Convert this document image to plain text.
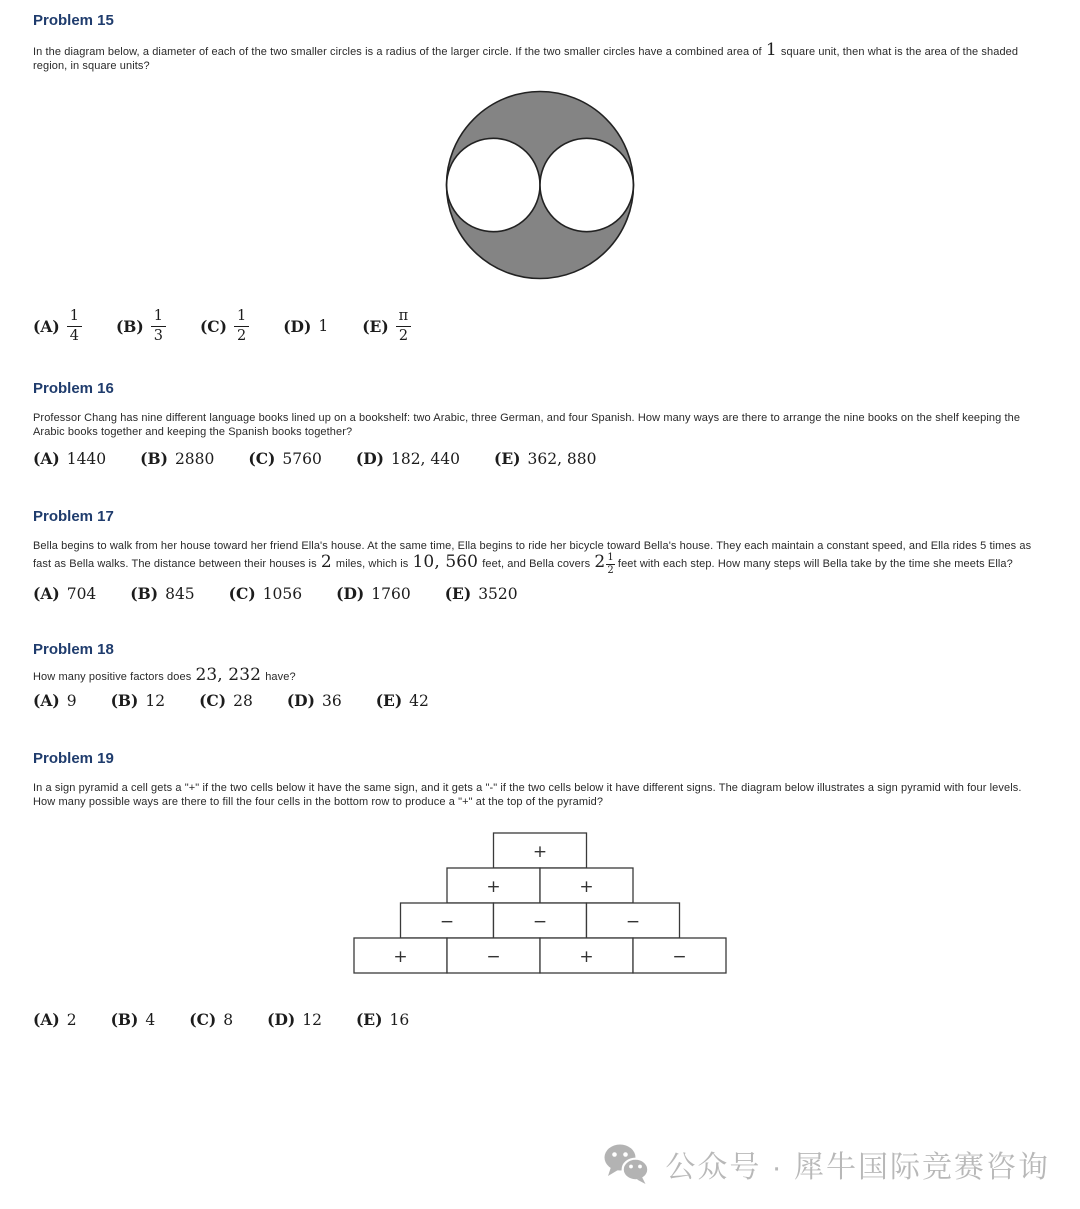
Problem 15

In the diagram below, a diameter of each of the two smaller circles is a radius of the larger circle. If the two smaller circles have a combined area of 1 square unit, then what is the area of the shaded region, in square units?

$(A) \frac{1}{4} (B) \frac{1}{3} (C) \frac{1}{2} (D)$ 1 $(E) \frac{\pi}{2}$
Problem 16

Professor Chang has nine different language books lined up on a bookshelf: two Arabic, three German, and four Spanish. How many ways are there to arrange the nine books on the shelf keeping the Arabic books together and keeping the Spanish books together?

(A) 1440 (B) 2880 (C) 5760 (D) 182, 440 (E) 362, 880
Problem 17

Bella begins to walk from her house toward her friend Ella's house. At the same time, Ella begins to ride her bicycle toward Bella's house. They each maintain a constant speed, and Ella rides 5 times as fast as Bella walks. The distance between their houses is 2 miles, which is 10, 560 feet, and Bella covers $2 \frac{1}{2}$ feet with each step. How many steps will Bella take by the time she meets Ella?

(A) 704 (B) 845 (C) 1056 (D) 1760 (E) 3520
Problem 18

How many positive factors does 23, 232 have?

(A) 9 (B) 12 (C) 28 (D) 36 (E) 42
Problem 19

In a sign pyramid a cell gets a "+" if the two cells below it have the same sign, and it gets a "-" if the two cells below it have different signs. The diagram below illustrates a sign pyramid with four levels. How many possible ways are there to fill the four cells in the bottom row to produce a "+" at the top of the pyramid?

+
+	+
−	−	−
+	−	+	−
(A) 2 (B) 4 (C) 8 (D) 12 (E) 16
公众号 · 犀牛国际竞赛咨询
